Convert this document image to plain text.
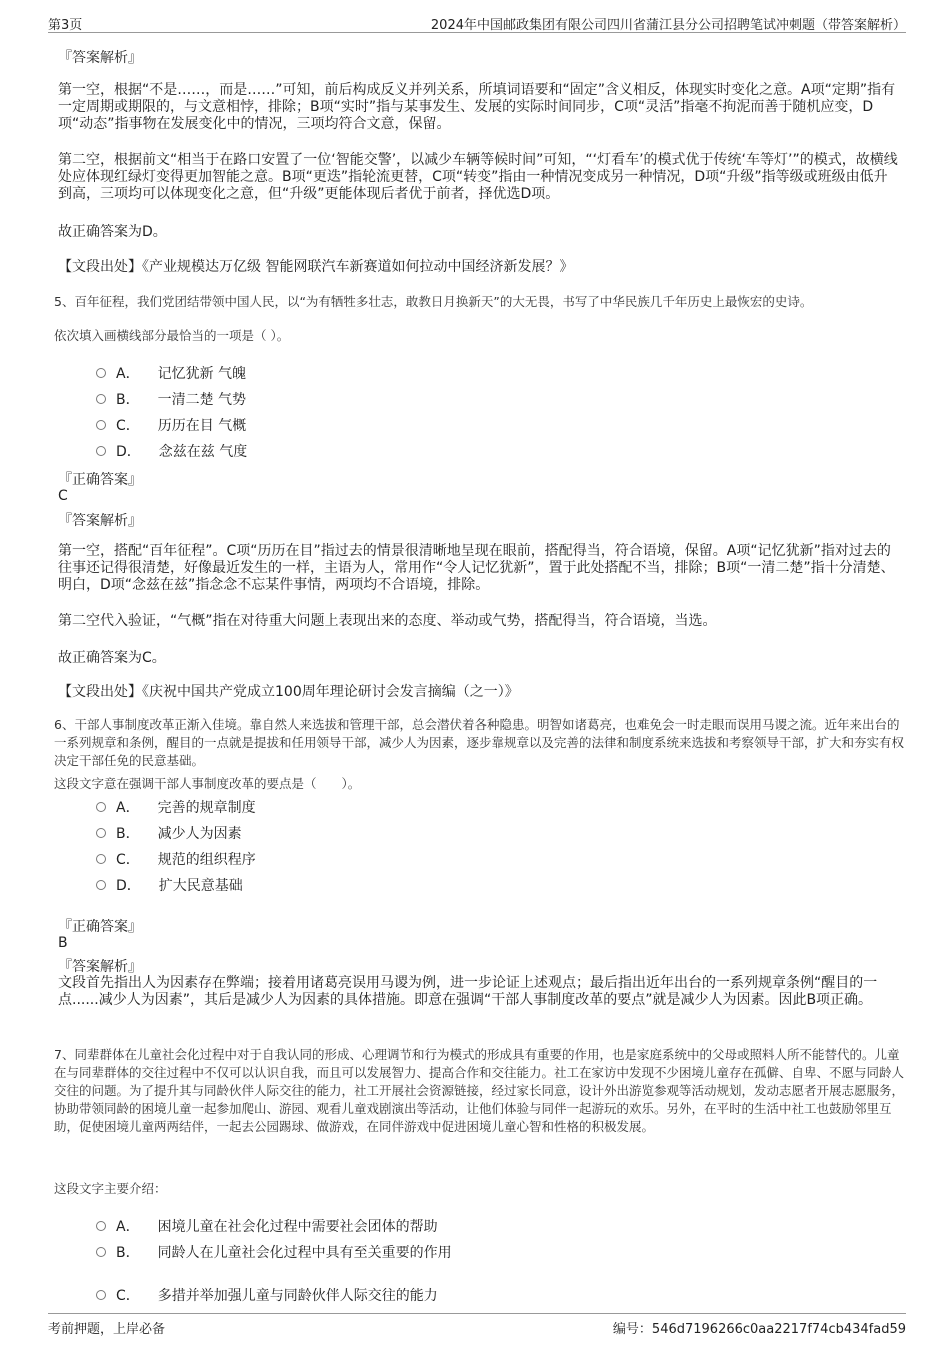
第3页	2024年中国邮政集团有限公司四川省蒲江县分公司招聘笔试冲刺题（带答案解析）
『答案解析』
第一空，根据“不是……，而是……”可知，前后构成反义并列关系，所填词语要和“固定”含义相反，体现实时变化之意。A项“定期”指有一定周期或期限的，与文意相悖，排除；B项“实时”指与某事发生、发展的实际时间同步，C项“灵活”指毫不拘泥而善于随机应变，D项“动态”指事物在发展变化中的情况，三项均符合文意，保留。
第二空，根据前文“相当于在路口安置了一位‘智能交警’，以减少车辆等候时间”可知，“‘灯看车’的模式优于传统‘车等灯’”的模式，故横线处应体现红绿灯变得更加智能之意。B项“更迭”指轮流更替，C项“转变”指由一种情况变成另一种情况，D项“升级”指等级或班级由低升到高，三项均可以体现变化之意，但“升级”更能体现后者优于前者，择优选D项。
故正确答案为D。
【文段出处】《产业规模达万亿级 智能网联汽车新赛道如何拉动中国经济新发展？》
5、百年征程，我们党团结带领中国人民，以“为有牺牲多壮志，敢教日月换新天”的大无畏，书写了中华民族几千年历史上最恢宏的史诗。
依次填入画横线部分最恰当的一项是（ ）。
A． 记忆犹新 气魄
B． 一清二楚 气势
C． 历历在目 气概
D． 念兹在兹 气度
『正确答案』
C
『答案解析』
第一空，搭配“百年征程”。C项“历历在目”指过去的情景很清晰地呈现在眼前，搭配得当，符合语境，保留。A项“记忆犹新”指对过去的往事还记得很清楚，好像最近发生的一样，主语为人，常用作“令人记忆犹新”，置于此处搭配不当，排除；B项“一清二楚”指十分清楚、明白，D项“念兹在兹”指念念不忘某件事情，两项均不合语境，排除。
第二空代入验证，“气概”指在对待重大问题上表现出来的态度、举动或气势，搭配得当，符合语境，当选。
故正确答案为C。
【文段出处】《庆祝中国共产党成立100周年理论研讨会发言摘编（之一）》
6、干部人事制度改革正渐入佳境。靠自然人来选拔和管理干部，总会潜伏着各种隐患。明智如诸葛亮，也难免会一时走眼而误用马谡之流。近年来出台的一系列规章和条例，醒目的一点就是提拔和任用领导干部，减少人为因素，逐步靠规章以及完善的法律和制度系统来选拔和考察领导干部，扩大和夯实有权决定干部任免的民意基础。
这段文字意在强调干部人事制度改革的要点是（　　）。
A． 完善的规章制度
B． 减少人为因素
C． 规范的组织程序
D． 扩大民意基础
『正确答案』
B
『答案解析』
文段首先指出人为因素存在弊端；接着用诸葛亮误用马谡为例，进一步论证上述观点；最后指出近年出台的一系列规章条例“醒目的一点......减少人为因素”，其后是减少人为因素的具体措施。即意在强调“干部人事制度改革的要点”就是减少人为因素。因此B项正确。
7、同辈群体在儿童社会化过程中对于自我认同的形成、心理调节和行为模式的形成具有重要的作用，也是家庭系统中的父母或照料人所不能替代的。儿童在与同辈群体的交往过程中不仅可以认识自我，而且可以发展智力、提高合作和交往能力。社工在家访中发现不少困境儿童存在孤僻、自卑、不愿与同龄人交往的问题。为了提升其与同龄伙伴人际交往的能力，社工开展社会资源链接，经过家长同意，设计外出游览参观等活动规划，发动志愿者开展志愿服务，协助带领同龄的困境儿童一起参加爬山、游园、观看儿童戏剧演出等活动，让他们体验与同伴一起游玩的欢乐。另外，在平时的生活中社工也鼓励邻里互助，促使困境儿童两两结伴，一起去公园踢球、做游戏，在同伴游戏中促进困境儿童心智和性格的积极发展。
这段文字主要介绍：
A． 困境儿童在社会化过程中需要社会团体的帮助
B． 同龄人在儿童社会化过程中具有至关重要的作用
C． 多措并举加强儿童与同龄伙伴人际交往的能力
考前押题，上岸必备	编号：546d7196266c0aa2217f74cb434fad59
